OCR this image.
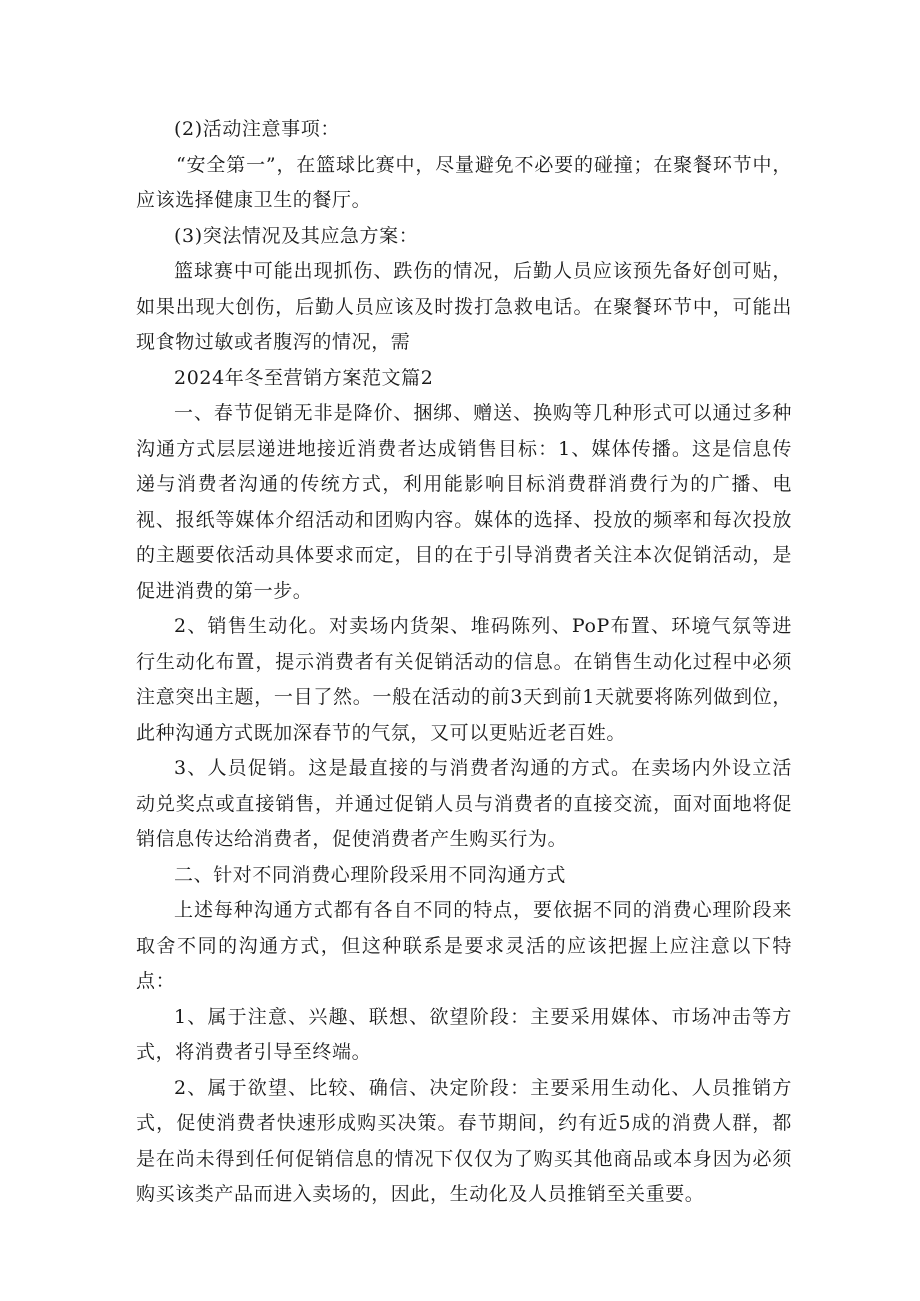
(2)活动注意事项：

“安全第一”，在篮球比赛中，尽量避免不必要的碰撞；在聚餐环节中，应该选择健康卫生的餐厅。

(3)突法情况及其应急方案：

篮球赛中可能出现抓伤、跌伤的情况，后勤人员应该预先备好创可贴，如果出现大创伤，后勤人员应该及时拨打急救电话。在聚餐环节中，可能出现食物过敏或者腹泻的情况，需

2024年冬至营销方案范文篇2

一、春节促销无非是降价、捆绑、赠送、换购等几种形式可以通过多种沟通方式层层递进地接近消费者达成销售目标：1、媒体传播。这是信息传递与消费者沟通的传统方式，利用能影响目标消费群消费行为的广播、电视、报纸等媒体介绍活动和团购内容。媒体的选择、投放的频率和每次投放的主题要依活动具体要求而定，目的在于引导消费者关注本次促销活动，是促进消费的第一步。

2、销售生动化。对卖场内货架、堆码陈列、PoP布置、环境气氛等进行生动化布置，提示消费者有关促销活动的信息。在销售生动化过程中必须注意突出主题，一目了然。一般在活动的前3天到前1天就要将陈列做到位，此种沟通方式既加深春节的气氛，又可以更贴近老百姓。

3、人员促销。这是最直接的与消费者沟通的方式。在卖场内外设立活动兑奖点或直接销售，并通过促销人员与消费者的直接交流，面对面地将促销信息传达给消费者，促使消费者产生购买行为。

二、针对不同消费心理阶段采用不同沟通方式

上述每种沟通方式都有各自不同的特点，要依据不同的消费心理阶段来取舍不同的沟通方式，但这种联系是要求灵活的应该把握上应注意以下特点：

1、属于注意、兴趣、联想、欲望阶段：主要采用媒体、市场冲击等方式，将消费者引导至终端。

2、属于欲望、比较、确信、决定阶段：主要采用生动化、人员推销方式，促使消费者快速形成购买决策。春节期间，约有近5成的消费人群，都是在尚未得到任何促销信息的情况下仅仅为了购买其他商品或本身因为必须购买该类产品而进入卖场的，因此，生动化及人员推销至关重要。
